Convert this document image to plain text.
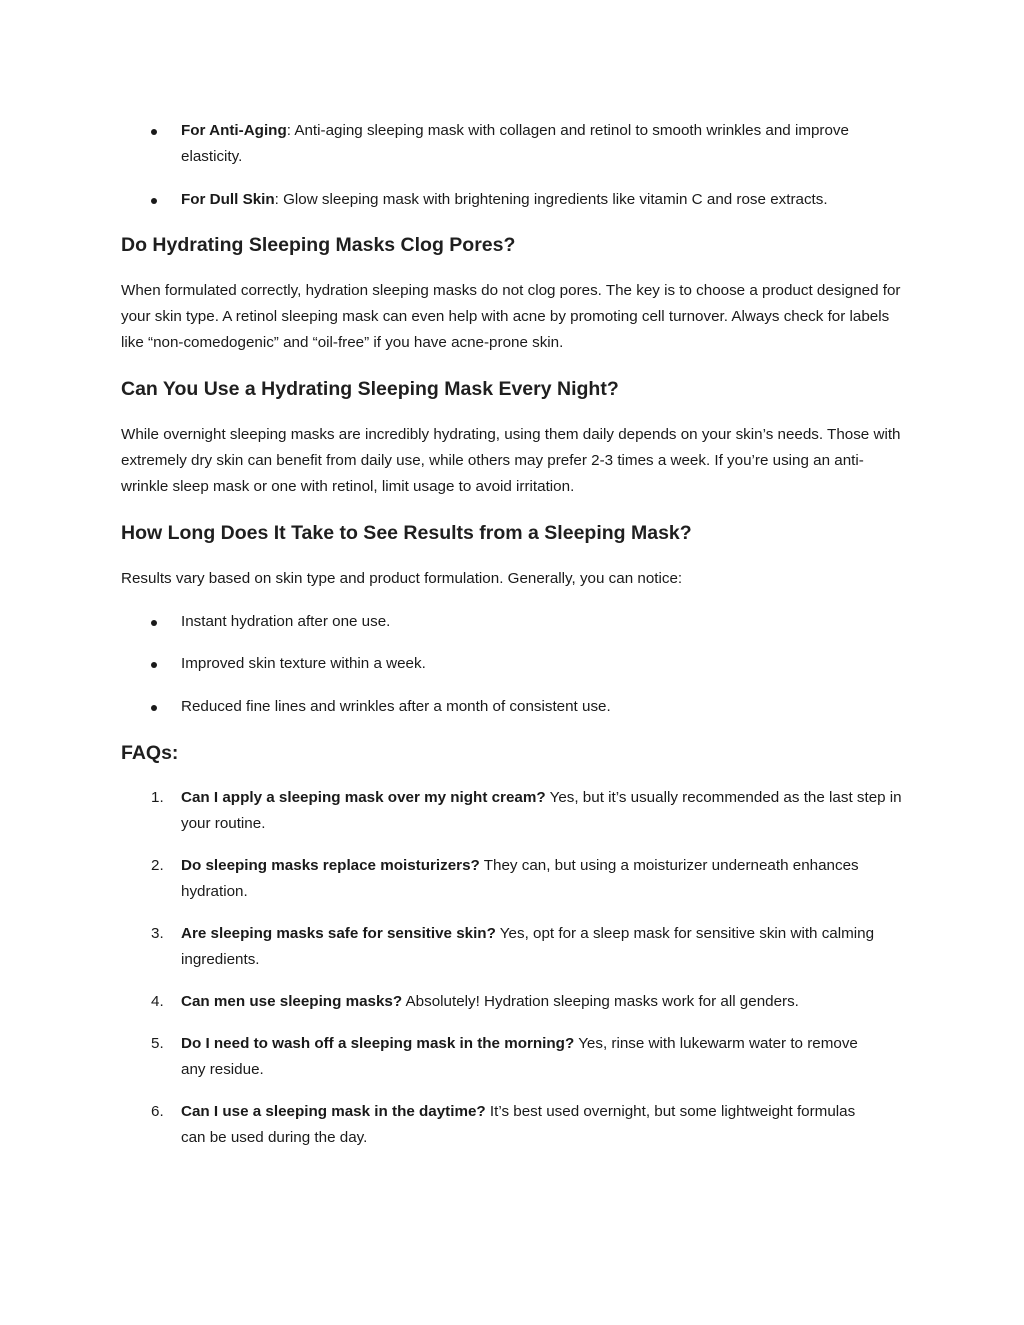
For Anti-Aging: Anti-aging sleeping mask with collagen and retinol to smooth wrinkles and improve elasticity.
For Dull Skin: Glow sleeping mask with brightening ingredients like vitamin C and rose extracts.
Do Hydrating Sleeping Masks Clog Pores?

When formulated correctly, hydration sleeping masks do not clog pores. The key is to choose a product designed for your skin type. A retinol sleeping mask can even help with acne by promoting cell turnover. Always check for labels like “non-comedogenic” and “oil-free” if you have acne-prone skin.

Can You Use a Hydrating Sleeping Mask Every Night?

While overnight sleeping masks are incredibly hydrating, using them daily depends on your skin’s needs. Those with extremely dry skin can benefit from daily use, while others may prefer 2-3 times a week. If you’re using an anti-wrinkle sleep mask or one with retinol, limit usage to avoid irritation.

How Long Does It Take to See Results from a Sleeping Mask?

Results vary based on skin type and product formulation. Generally, you can notice:

Instant hydration after one use.
Improved skin texture within a week.
Reduced fine lines and wrinkles after a month of consistent use.
FAQs:
1.	Can I apply a sleeping mask over my night cream? Yes, but it’s usually recommended as the last step in your routine.
2.	Do sleeping masks replace moisturizers? They can, but using a moisturizer underneath enhances hydration.
3.	Are sleeping masks safe for sensitive skin? Yes, opt for a sleep mask for sensitive skin with calming ingredients.
4.	Can men use sleeping masks? Absolutely! Hydration sleeping masks work for all genders.
5.	Do I need to wash off a sleeping mask in the morning? Yes, rinse with lukewarm water to remove any residue.
6.	Can I use a sleeping mask in the daytime? It’s best used overnight, but some lightweight formulas can be used during the day.
